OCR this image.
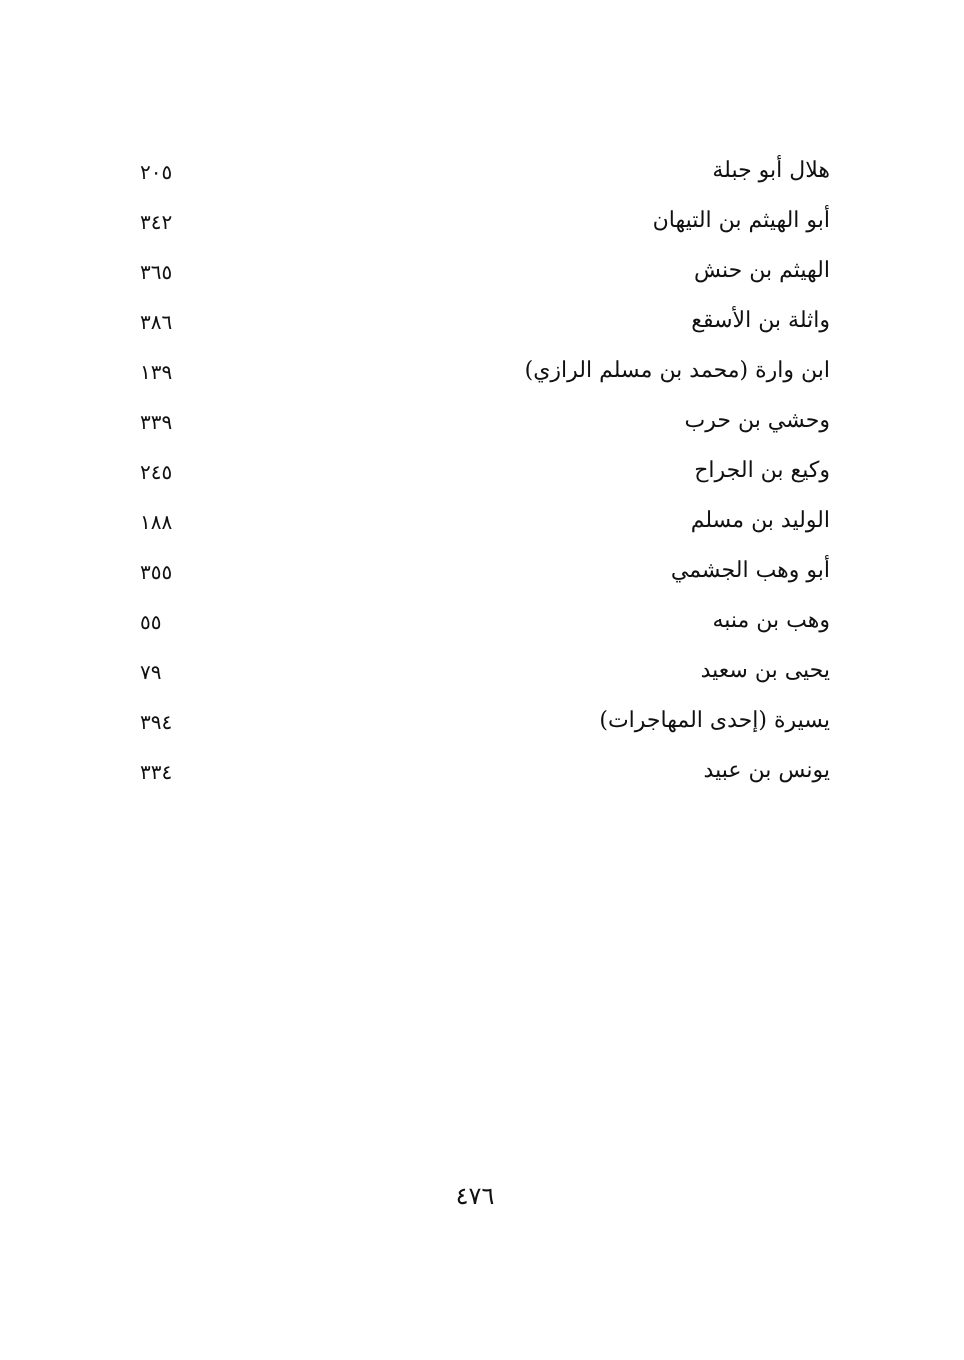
هلال أبو جبلة
٢٠٥
أبو الهيثم بن التيهان
٣٤٢
الهيثم بن حنش
٣٦٥
واثلة بن الأسقع
٣٨٦
ابن وارة (محمد بن مسلم الرازي)
١٣٩
وحشي بن حرب
٣٣٩
وكيع بن الجراح
٢٤٥
الوليد بن مسلم
١٨٨
أبو وهب الجشمي
٣٥٥
وهب بن منبه
٥٥
يحيى بن سعيد
٧٩
يسيرة (إحدى المهاجرات)
٣٩٤
يونس بن عبيد
٣٣٤
٤٧٦
